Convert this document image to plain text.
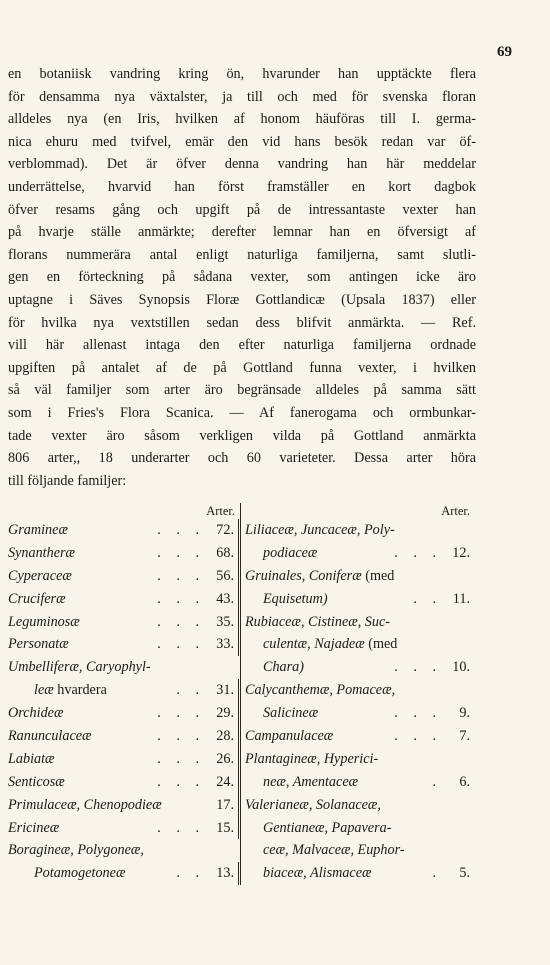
69
en botaniisk vandring kring ön, hvarunder han upptäckte flera
för densamma nya växtalster, ja till och med för svenska floran
alldeles nya (en Iris, hvilken af honom häuföras till I. germa-
nica ehuru med tvifvel, emär den vid hans besök redan var öf-
verblommad). Det är öfver denna vandring han här meddelar
underrättelse, hvarvid han först framställer en kort dagbok
öfver resams gång och upgift på de intressantaste vexter han
på hvarje ställe anmärkte; derefter lemnar han en öfversigt af
florans nummerära antal enligt naturliga familjerna, samt slutli-
gen en förteckning på sådana vexter, som antingen icke äro
uptagne i Säves Synopsis Floræ Gottlandicæ (Upsala 1837) eller
för hvilka nya vextstillen sedan dess blifvit anmärkta. — Ref.
vill här allenast intaga den efter naturliga familjerna ordnade
upgiften på antalet af de på Gottland funna vexter, i hvilken
så väl familjer som arter äro begränsade alldeles på samma sätt
som i Fries's Flora Scanica. — Af fanerogama och ormbunkar-
tade vexter äro såsom verkligen vilda på Gottland anmärkta
806 arter,, 18 underarter och 60 varieteter. Dessa arter höra
till följande familjer:
Arter.
Gramineæ	. . . 72.
Synantheræ	. . . 68.
Cyperaceæ	. . . 56.
Cruciferæ	. . . 43.
Leguminosæ	. . . 35.
Personatæ	. . . 33.
Umbelliferæ, Caryophyl-
leæ hvardera	. . 31.
Orchideæ	. . . 29.
Ranunculaceæ	. . . 28.
Labiatæ	. . . 26.
Senticosæ	. . . 24.
Primulaceæ, Chenopodieæ	17.
Ericineæ	. . . 15.
Boragineæ, Polygoneæ,
Potamogetoneæ	. . 13.
Arter.
Liliaceæ, Juncaceæ, Poly-
podiaceæ	. . . 12.
Gruinales, Coniferæ (med
Equisetum)	. . 11.
Rubiaceæ, Cistineæ, Suc-
culentæ, Najadeæ (med
Chara)	. . . 10.
Calycanthemæ, Pomaceæ,
Salicineæ	. . .	9.
Campanulaceæ	. . .	7.
Plantagineæ, Hyperici-
neæ, Amentaceæ	.	6.
Valerianeæ, Solanaceæ,
Gentianeæ, Papavera-
ceæ, Malvaceæ, Euphor-
biaceæ, Alismaceæ	.	5.
